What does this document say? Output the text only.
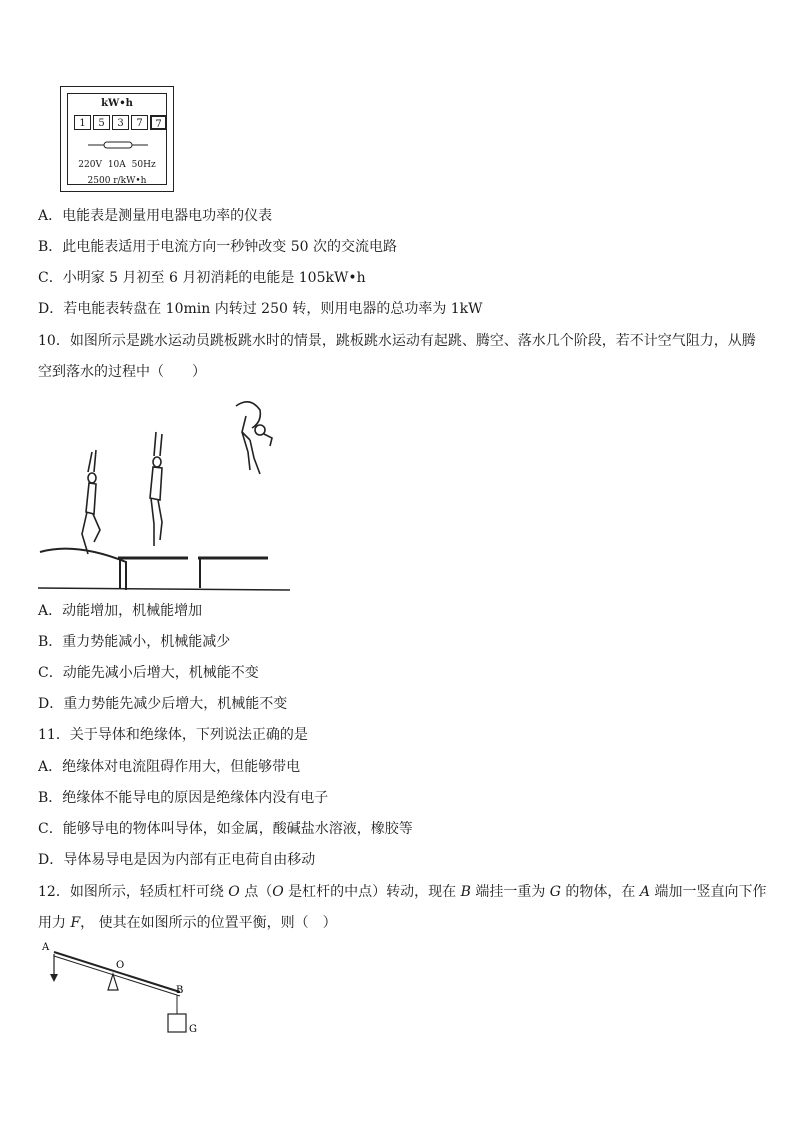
kW•h
1	5	3	7	7
220V 10A 50Hz
2500 r/kW•h
A．电能表是测量用电器电功率的仪表
B．此电能表适用于电流方向一秒钟改变 50 次的交流电路
C．小明家 5 月初至 6 月初消耗的电能是 105kW•h
D．若电能表转盘在 10min 内转过 250 转，则用电器的总功率为 1kW
10．如图所示是跳水运动员跳板跳水时的情景，跳板跳水运动有起跳、腾空、落水几个阶段，若不计空气阻力，从腾
空到落水的过程中（　　）
A．动能增加，机械能增加
B．重力势能减小，机械能减少
C．动能先减小后增大，机械能不变
D．重力势能先减少后增大，机械能不变
11．关于导体和绝缘体，下列说法正确的是
A．绝缘体对电流阻碍作用大，但能够带电
B．绝缘体不能导电的原因是绝缘体内没有电子
C．能够导电的物体叫导体，如金属，酸碱盐水溶液，橡胶等
D．导体易导电是因为内部有正电荷自由移动
12．如图所示，轻质杠杆可绕 O 点（O 是杠杆的中点）转动，现在 B 端挂一重为 G 的物体，在 A 端加一竖直向下作
用力 F， 使其在如图所示的位置平衡，则（　）
A
O
B
G
